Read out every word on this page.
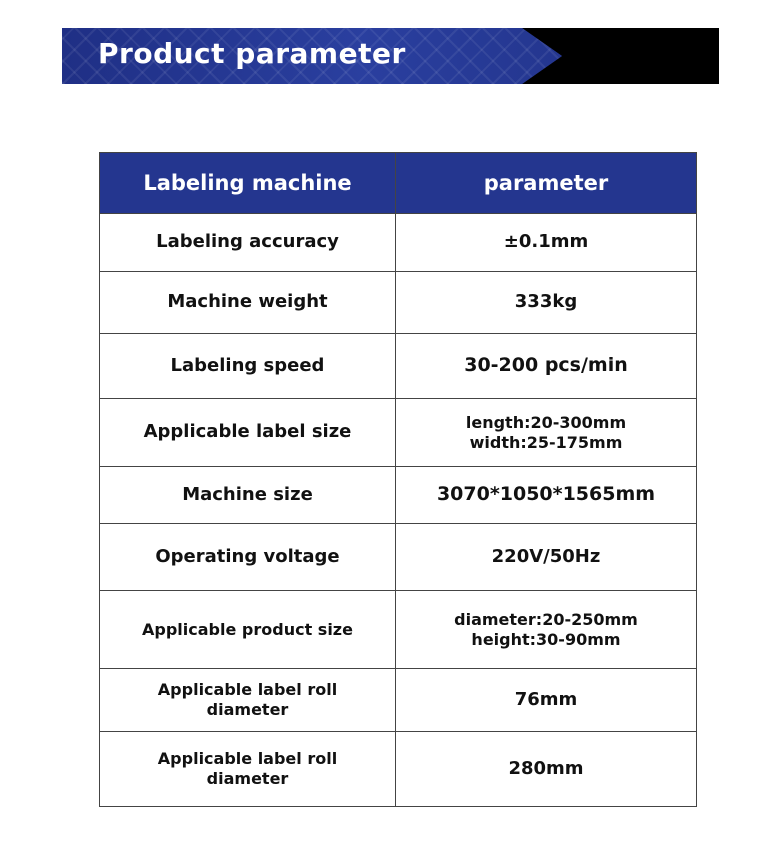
Product parameter
Labeling machine	parameter
Labeling accuracy	±0.1mm
Machine weight	333kg
Labeling speed	30-200 pcs/min
Applicable label size	length:20-300mm
width:25-175mm

Machine size	3070*1050*1565mm
Operating voltage	220V/50Hz
Applicable product size	diameter:20-250mm
height:30-90mm

Applicable label roll
diameter	76mm

Applicable label roll
diameter	280mm
